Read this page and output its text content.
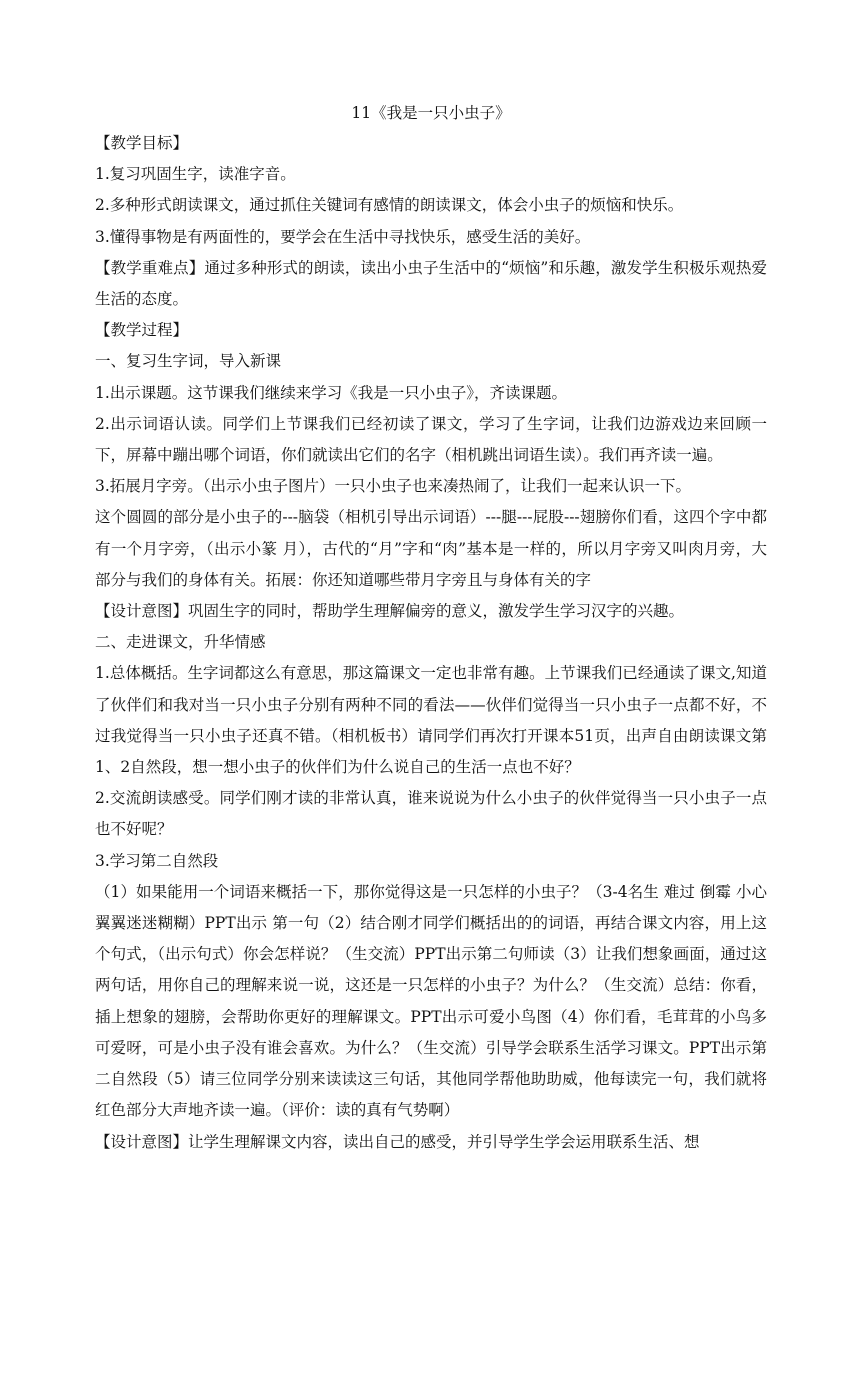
11《我是一只小虫子》

【教学目标】

1.复习巩固生字，读准字音。

2.多种形式朗读课文，通过抓住关键词有感情的朗读课文，体会小虫子的烦恼和快乐。

3.懂得事物是有两面性的，要学会在生活中寻找快乐，感受生活的美好。

【教学重难点】通过多种形式的朗读，读出小虫子生活中的“烦恼”和乐趣，激发学生积极乐观热爱生活的态度。

【教学过程】

一、复习生字词，导入新课

1.出示课题。这节课我们继续来学习《我是一只小虫子》，齐读课题。

2.出示词语认读。同学们上节课我们已经初读了课文，学习了生字词，让我们边游戏边来回顾一下，屏幕中蹦出哪个词语，你们就读出它们的名字（相机跳出词语生读）。我们再齐读一遍。

3.拓展月字旁。（出示小虫子图片）一只小虫子也来凑热闹了，让我们一起来认识一下。

这个圆圆的部分是小虫子的---脑袋（相机引导出示词语）---腿---屁股---翅膀你们看，这四个字中都有一个月字旁，（出示小篆 月），古代的“月”字和“肉”基本是一样的，所以月字旁又叫肉月旁，大部分与我们的身体有关。拓展：你还知道哪些带月字旁且与身体有关的字

【设计意图】巩固生字的同时，帮助学生理解偏旁的意义，激发学生学习汉字的兴趣。

二、走进课文，升华情感

1.总体概括。生字词都这么有意思，那这篇课文一定也非常有趣。上节课我们已经通读了课文,知道了伙伴们和我对当一只小虫子分别有两种不同的看法——伙伴们觉得当一只小虫子一点都不好，不过我觉得当一只小虫子还真不错。（相机板书）请同学们再次打开课本51页，出声自由朗读课文第1、2自然段，想一想小虫子的伙伴们为什么说自己的生活一点也不好？

2.交流朗读感受。同学们刚才读的非常认真，谁来说说为什么小虫子的伙伴觉得当一只小虫子一点也不好呢？

3.学习第二自然段

（1）如果能用一个词语来概括一下，那你觉得这是一只怎样的小虫子？（3-4名生 难过 倒霉 小心翼翼迷迷糊糊）PPT出示 第一句（2）结合刚才同学们概括出的的词语，再结合课文内容，用上这个句式，（出示句式）你会怎样说？（生交流）PPT出示第二句师读（3）让我们想象画面，通过这两句话，用你自己的理解来说一说，这还是一只怎样的小虫子？为什么？（生交流）总结：你看，插上想象的翅膀，会帮助你更好的理解课文。PPT出示可爱小鸟图（4）你们看，毛茸茸的小鸟多可爱呀，可是小虫子没有谁会喜欢。为什么？（生交流）引导学会联系生活学习课文。PPT出示第二自然段（5）请三位同学分别来读读这三句话，其他同学帮他助助威，他每读完一句，我们就将红色部分大声地齐读一遍。（评价：读的真有气势啊）

【设计意图】让学生理解课文内容，读出自己的感受，并引导学生学会运用联系生活、想
